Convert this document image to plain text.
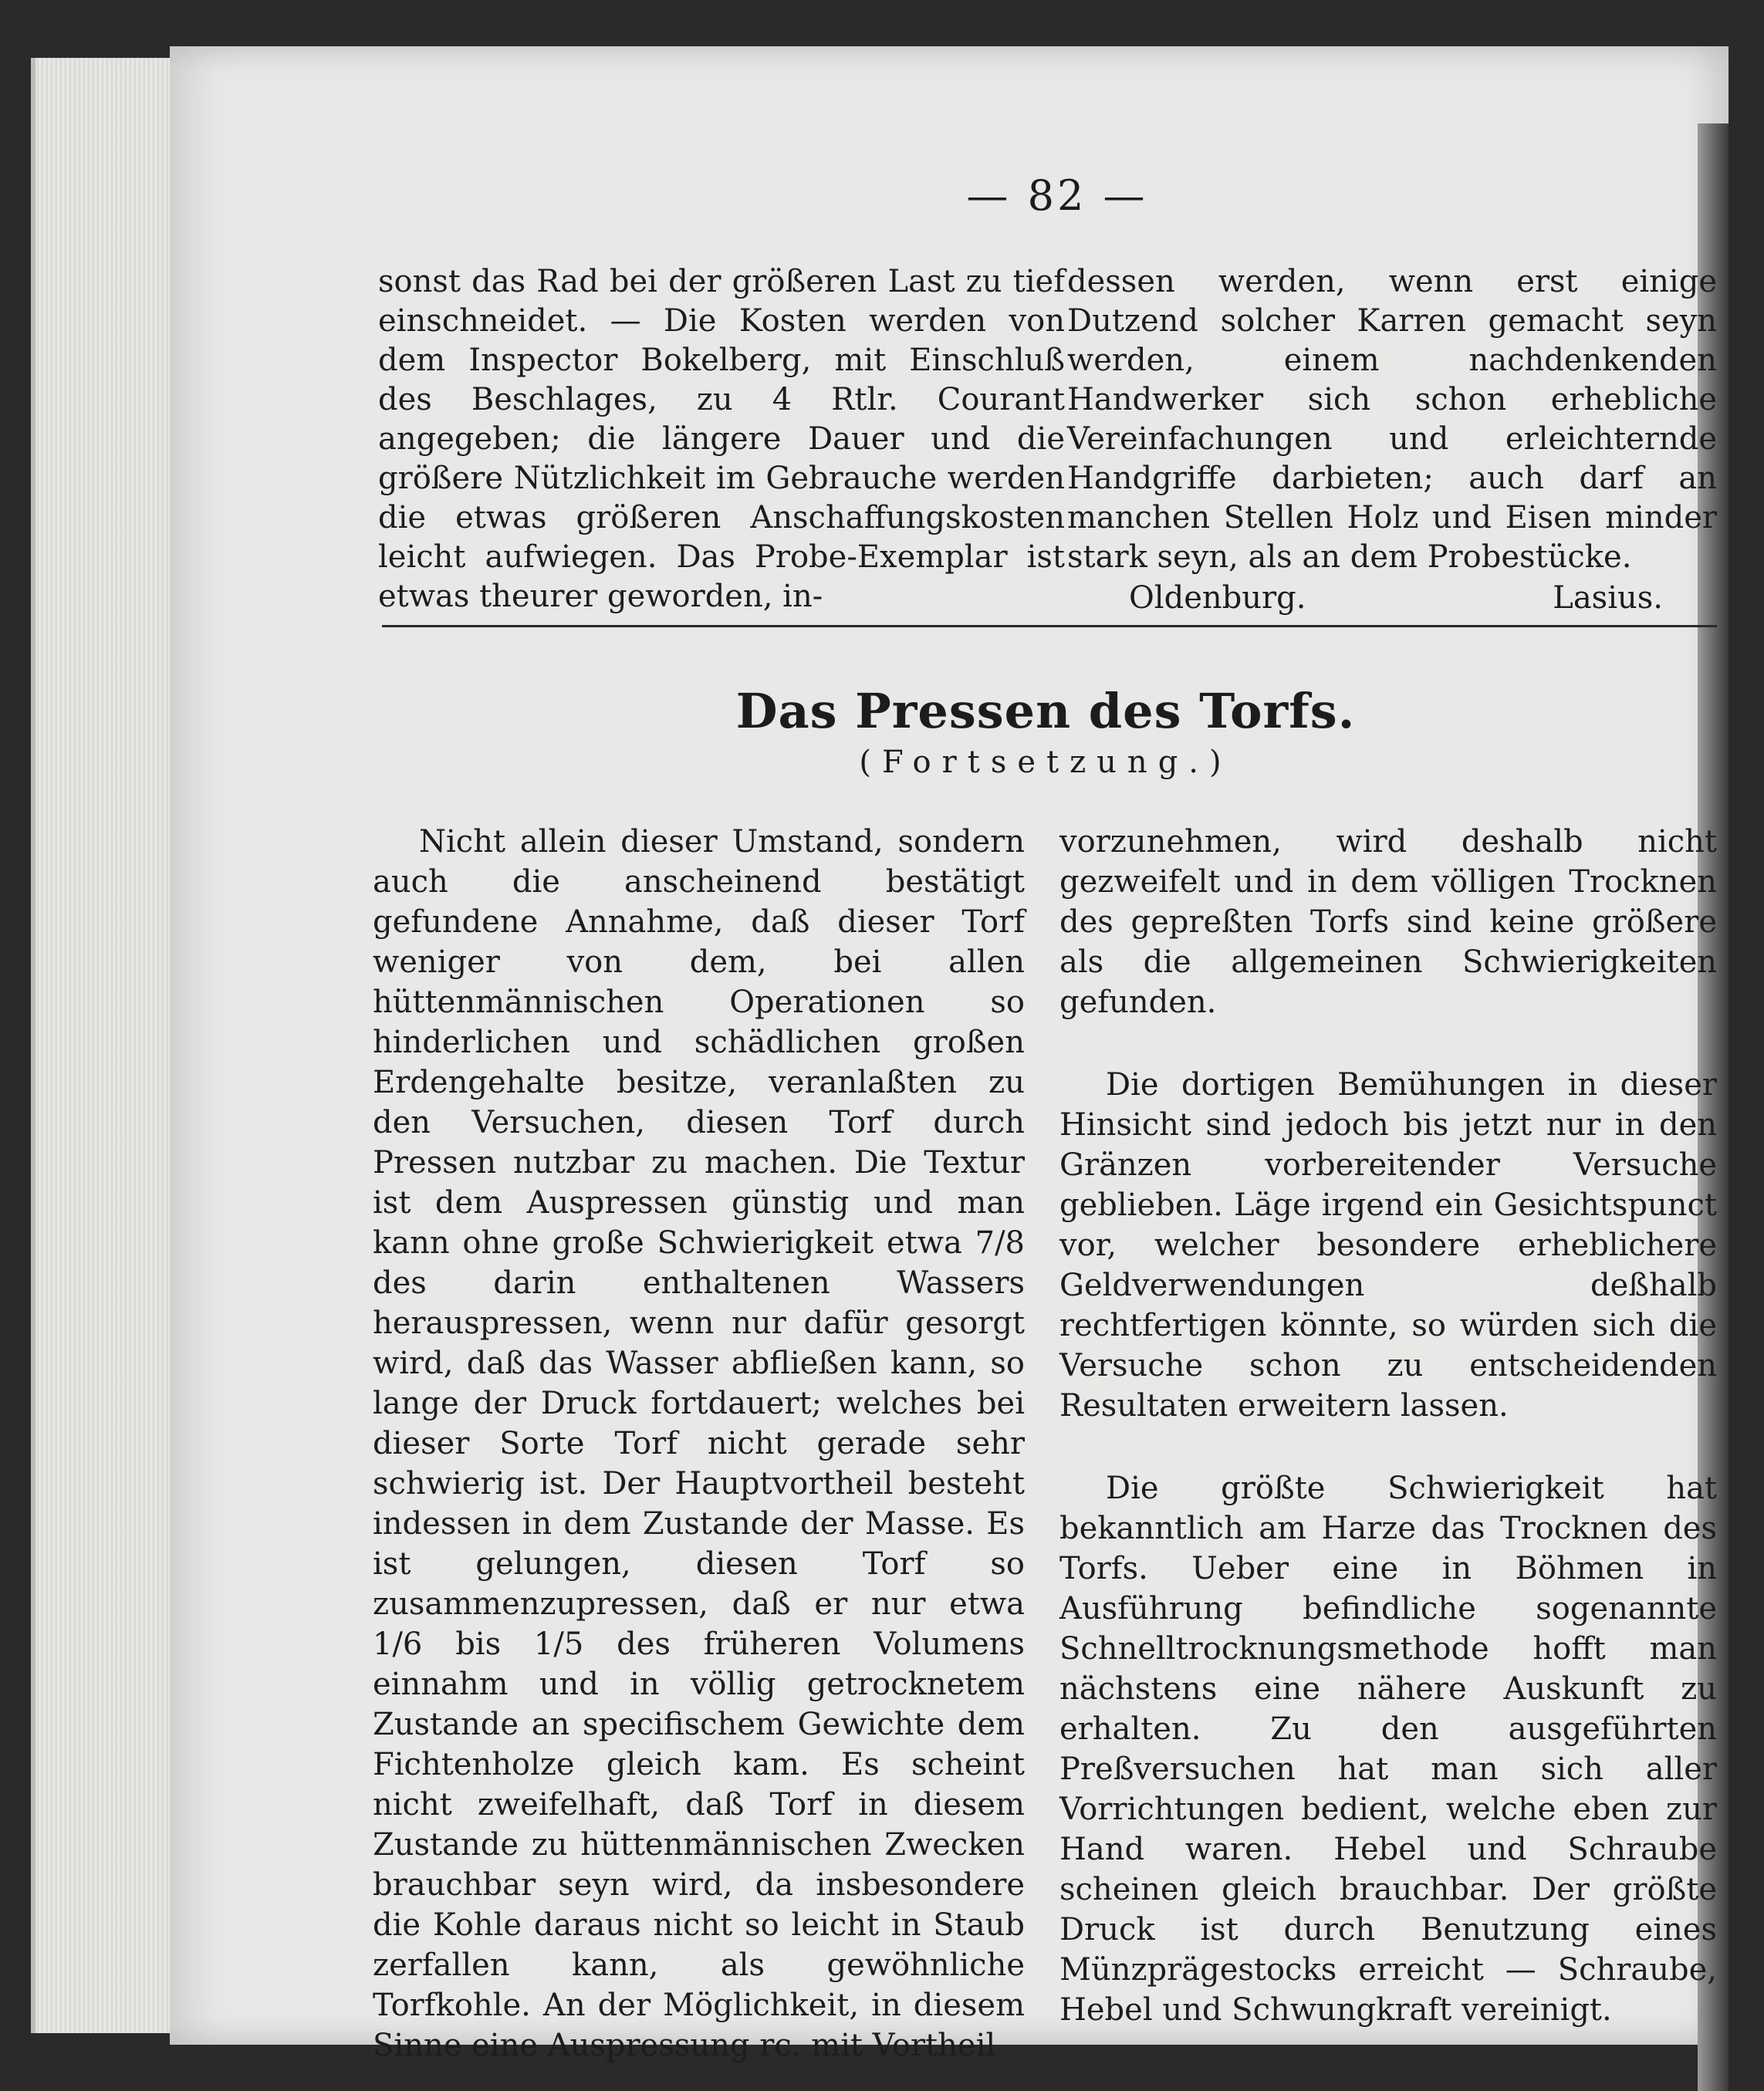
— 82 —

sonst das Rad bei der größeren Last zu tief einschneidet. — Die Kosten werden von dem Inspector Bokelberg, mit Einschluß des Beschlages, zu 4 Rtlr. Courant angegeben; die längere Dauer und die größere Nützlichkeit im Gebrauche werden die etwas größeren Anschaffungskosten leicht aufwiegen. Das Probe-Exemplar ist etwas theurer geworden, in-

dessen werden, wenn erst einige Dutzend solcher Karren gemacht seyn werden, einem nachdenkenden Handwerker sich schon erhebliche Vereinfachungen und erleichternde Handgriffe darbieten; auch darf an manchen Stellen Holz und Eisen minder stark seyn, als an dem Probestücke.

Oldenburg.	Lasius.
Das Pressen des Torfs.
(Fortsetzung.)

Nicht allein dieser Umstand, sondern auch die anscheinend bestätigt gefundene Annahme, daß dieser Torf weniger von dem, bei allen hüttenmännischen Operationen so hinderlichen und schädlichen großen Erdengehalte besitze, veranlaßten zu den Versuchen, diesen Torf durch Pressen nutzbar zu machen. Die Textur ist dem Auspressen günstig und man kann ohne große Schwierigkeit etwa 7/8 des darin enthaltenen Wassers herauspressen, wenn nur dafür gesorgt wird, daß das Wasser abfließen kann, so lange der Druck fortdauert; welches bei dieser Sorte Torf nicht gerade sehr schwierig ist. Der Hauptvortheil besteht indessen in dem Zustande der Masse. Es ist gelungen, diesen Torf so zusammenzupressen, daß er nur etwa 1/6 bis 1/5 des früheren Volumens einnahm und in völlig getrocknetem Zustande an specifischem Gewichte dem Fichtenholze gleich kam. Es scheint nicht zweifelhaft, daß Torf in diesem Zustande zu hüttenmännischen Zwecken brauchbar seyn wird, da insbesondere die Kohle daraus nicht so leicht in Staub zerfallen kann, als gewöhnliche Torfkohle. An der Möglichkeit, in diesem Sinne eine Auspressung rc. mit Vortheil

vorzunehmen, wird deshalb nicht gezweifelt und in dem völligen Trocknen des gepreßten Torfs sind keine größere als die allgemeinen Schwierigkeiten gefunden.

Die dortigen Bemühungen in dieser Hinsicht sind jedoch bis jetzt nur in den Gränzen vorbereitender Versuche geblieben. Läge irgend ein Gesichtspunct vor, welcher besondere erheblichere Geldverwendungen deßhalb rechtfertigen könnte, so würden sich die Versuche schon zu entscheidenden Resultaten erweitern lassen.

Die größte Schwierigkeit hat bekanntlich am Harze das Trocknen des Torfs. Ueber eine in Böhmen in Ausführung befindliche sogenannte Schnelltrocknungsmethode hofft man nächstens eine nähere Auskunft zu erhalten. Zu den ausgeführten Preßversuchen hat man sich aller Vorrichtungen bedient, welche eben zur Hand waren. Hebel und Schraube scheinen gleich brauchbar. Der größte Druck ist durch Benutzung eines Münzprägestocks erreicht — Schraube, Hebel und Schwungkraft vereinigt.
